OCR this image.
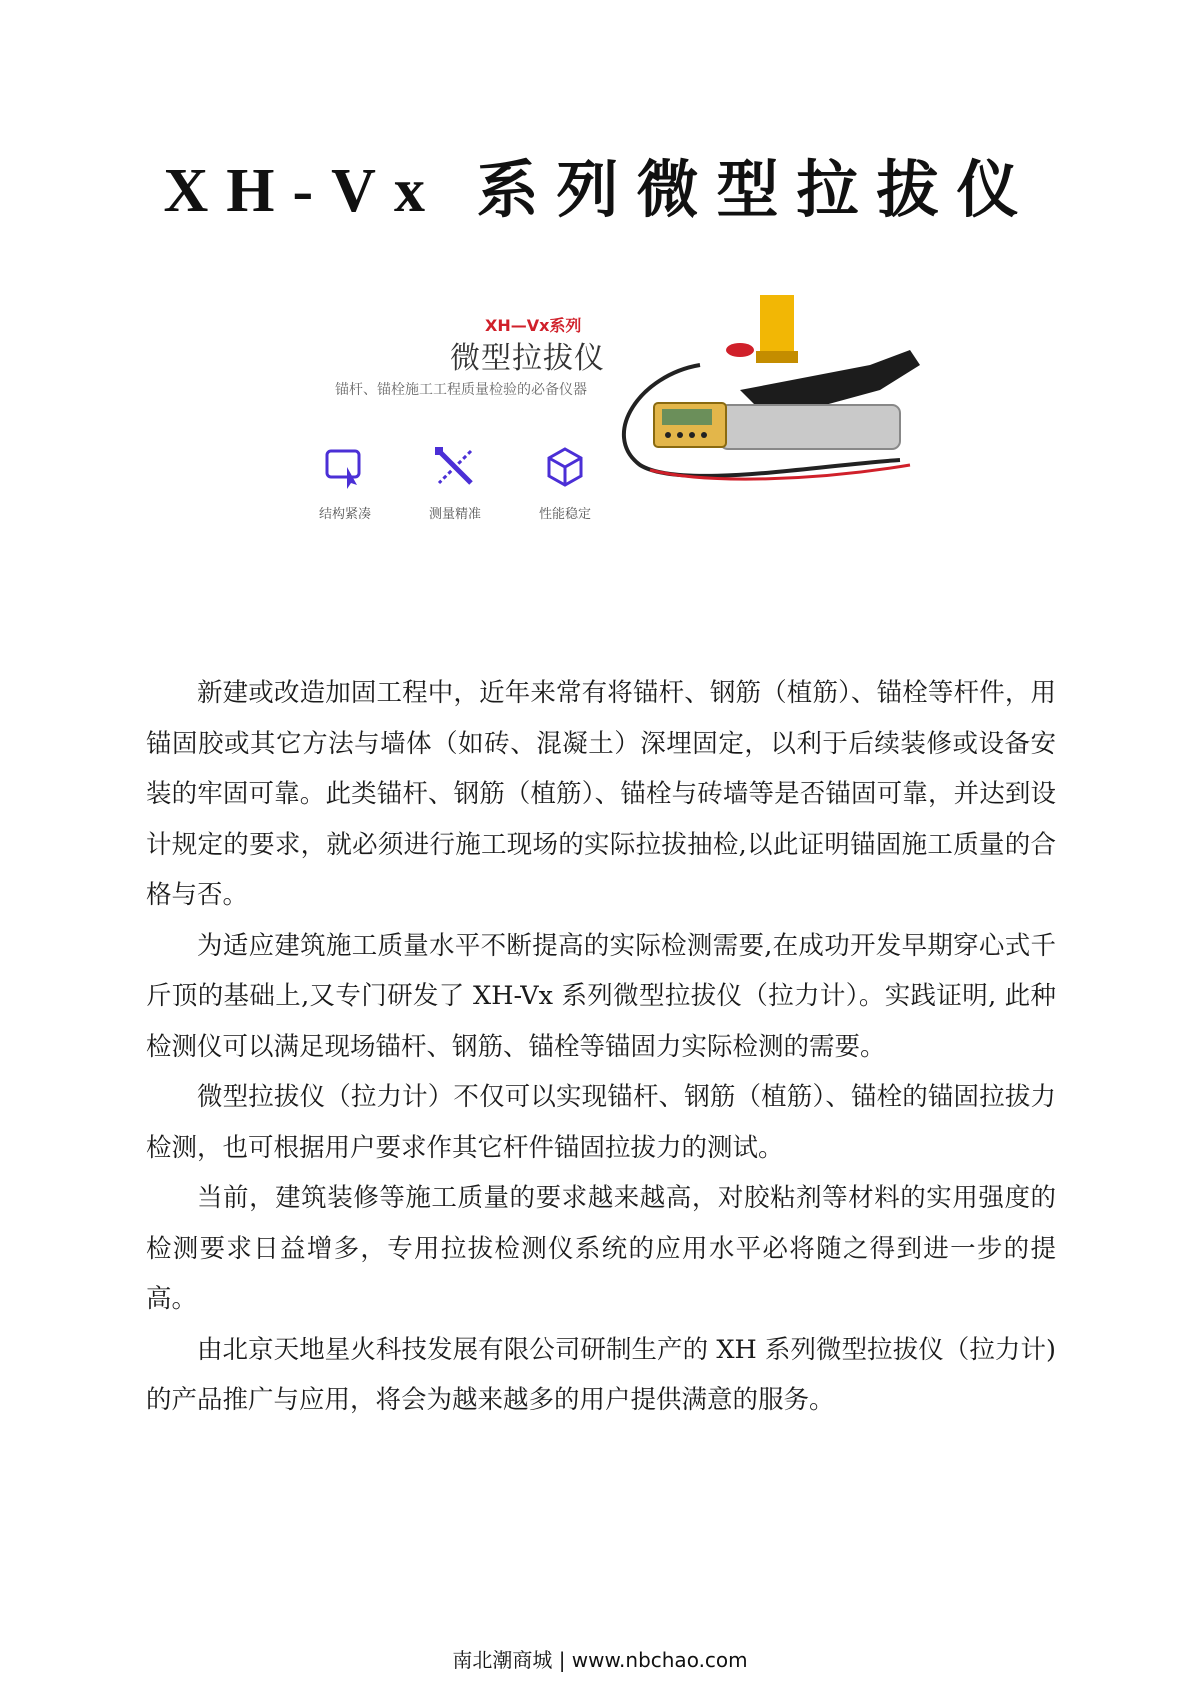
XH-Vx 系列微型拉拔仪
XH—Vx系列
微型拉拔仪
锚杆、锚栓施工工程质量检验的必备仪器
结构紧凑	测量精准	性能稳定

新建或改造加固工程中，近年来常有将锚杆、钢筋（植筋）、锚栓等杆件，用锚固胶或其它方法与墙体（如砖、混凝土）深埋固定，以利于后续装修或设备安装的牢固可靠。此类锚杆、钢筋（植筋）、锚栓与砖墙等是否锚固可靠，并达到设计规定的要求，就必须进行施工现场的实际拉拔抽检,以此证明锚固施工质量的合格与否。

为适应建筑施工质量水平不断提高的实际检测需要,在成功开发早期穿心式千斤顶的基础上,又专门研发了 XH-Vx 系列微型拉拔仪（拉力计）。实践证明, 此种检测仪可以满足现场锚杆、钢筋、锚栓等锚固力实际检测的需要。

微型拉拔仪（拉力计）不仅可以实现锚杆、钢筋（植筋）、锚栓的锚固拉拔力检测，也可根据用户要求作其它杆件锚固拉拔力的测试。

当前，建筑装修等施工质量的要求越来越高，对胶粘剂等材料的实用强度的检测要求日益增多，专用拉拔检测仪系统的应用水平必将随之得到进一步的提高。

由北京天地星火科技发展有限公司研制生产的 XH 系列微型拉拔仪（拉力计)的产品推广与应用，将会为越来越多的用户提供满意的服务。

南北潮商城 | www.nbchao.com
